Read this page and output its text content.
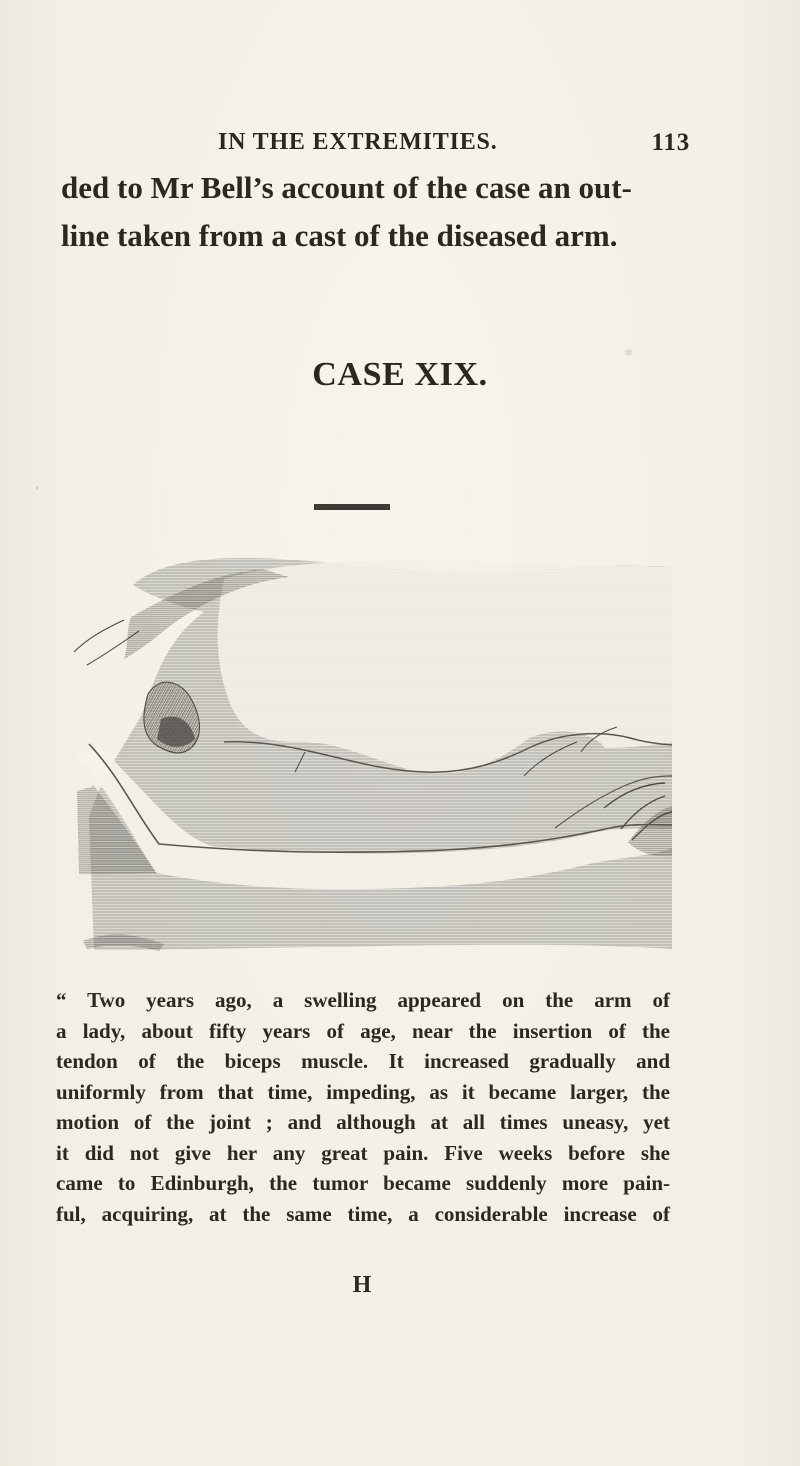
IN THE EXTREMITIES.	113
ded to Mr Bell’s account of the case an out-
line taken from a cast of the diseased arm.
CASE XIX.
*
·
“ Two years ago, a swelling appeared on the arm of
a lady, about fifty years of age, near the insertion of the
tendon of the biceps muscle. It increased gradually and
uniformly from that time, impeding, as it became larger, the
motion of the joint ; and although at all times uneasy, yet
it did not give her any great pain. Five weeks before she
came to Edinburgh, the tumor became suddenly more pain-
ful, acquiring, at the same time, a considerable increase of
H
